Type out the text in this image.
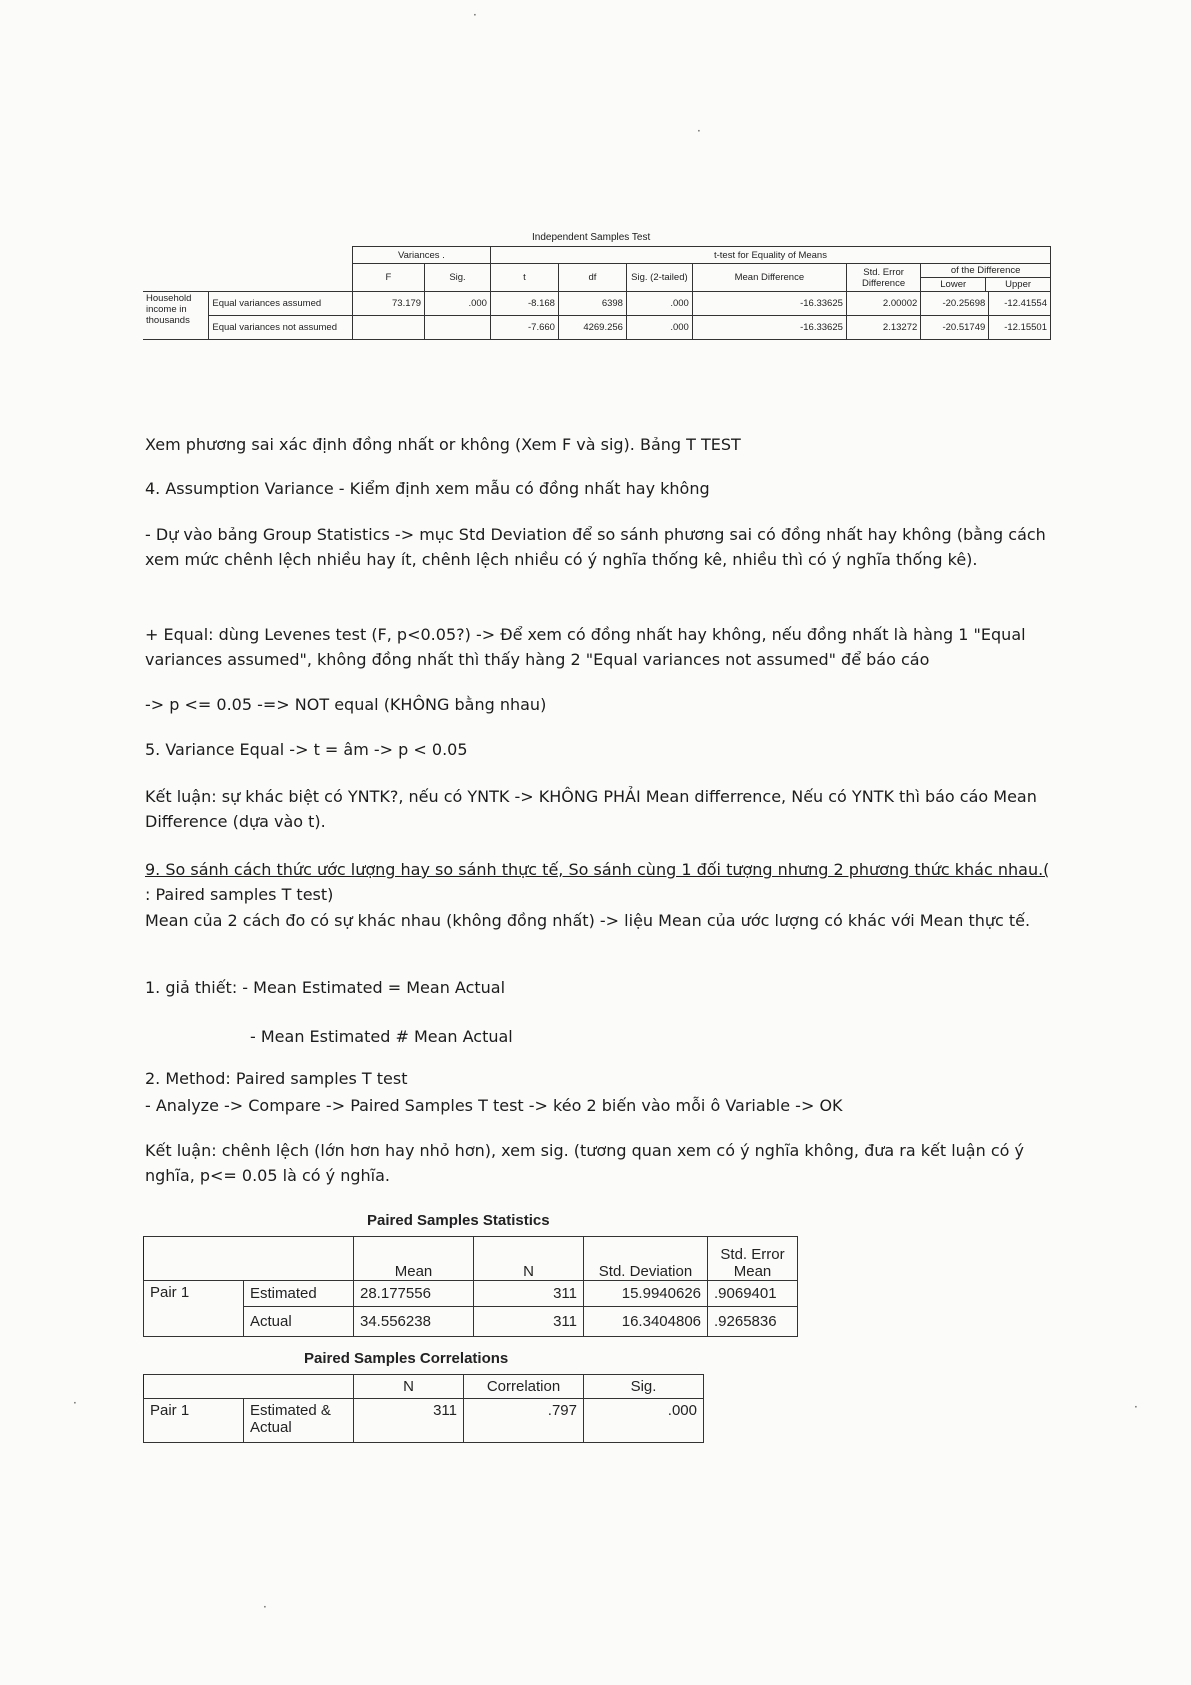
Independent Samples Test
		Variances .		t-test for Equality of Means						
		F	Sig.	t	df	Sig. (2-tailed)	Mean Difference	Std. Error Difference	of the Difference
Lower Upper	

Household income in thousands	Equal variances assumed	73.179	.000	-8.168	6398	.000	-16.33625	2.00002	-20.25698	-12.41554
	Equal variances not assumed			-7.660	4269.256	.000	-16.33625	2.13272	-20.51749	-12.15501

Xem phương sai xác định đồng nhất or không (Xem F và sig). Bảng T TEST

4. Assumption Variance - Kiểm định xem mẫu có đồng nhất hay không

- Dự vào bảng Group Statistics -> mục Std Deviation để so sánh phương sai có đồng nhất hay không (bằng cách xem mức chênh lệch nhiều hay ít, chênh lệch nhiều có ý nghĩa thống kê, nhiều thì có ý nghĩa thống kê).

+ Equal: dùng Levenes test (F, p<0.05?) -> Để xem có đồng nhất hay không, nếu đồng nhất là hàng 1 "Equal variances assumed", không đồng nhất thì thấy hàng 2 "Equal variances not assumed" để báo cáo

-> p <= 0.05 -=> NOT equal (KHÔNG bằng nhau)

5. Variance Equal -> t = âm -> p < 0.05

Kết luận: sự khác biệt có YNTK?, nếu có YNTK -> KHÔNG PHẢI Mean differrence, Nếu có YNTK thì báo cáo Mean Difference (dựa vào t).

9. So sánh cách thức ước lượng hay so sánh thực tế, So sánh cùng 1 đối tượng nhưng 2 phương thức khác nhau.( : Paired samples T test)

Mean của 2 cách đo có sự khác nhau (không đồng nhất) -> liệu Mean của ước lượng có khác với Mean thực tế.

1. giả thiết: - Mean Estimated = Mean Actual

- Mean Estimated # Mean Actual

2. Method: Paired samples T test

- Analyze -> Compare -> Paired Samples T test -> kéo 2 biến vào mỗi ô Variable -> OK

Kết luận: chênh lệch (lớn hơn hay nhỏ hơn), xem sig. (tương quan xem có ý nghĩa không, đưa ra kết luận có ý nghĩa, p<= 0.05 là có ý nghĩa.

Paired Samples Statistics
		Mean	N	Std. Deviation	Std. Error Mean
Pair 1	Estimated	28.177556	311	15.9940626	.9069401
	Actual	34.556238	311	16.3404806	.9265836
Paired Samples Correlations
		N	Correlation	Sig.
Pair 1	Estimated & Actual	311	.797	.000
·
·
·	·
·
